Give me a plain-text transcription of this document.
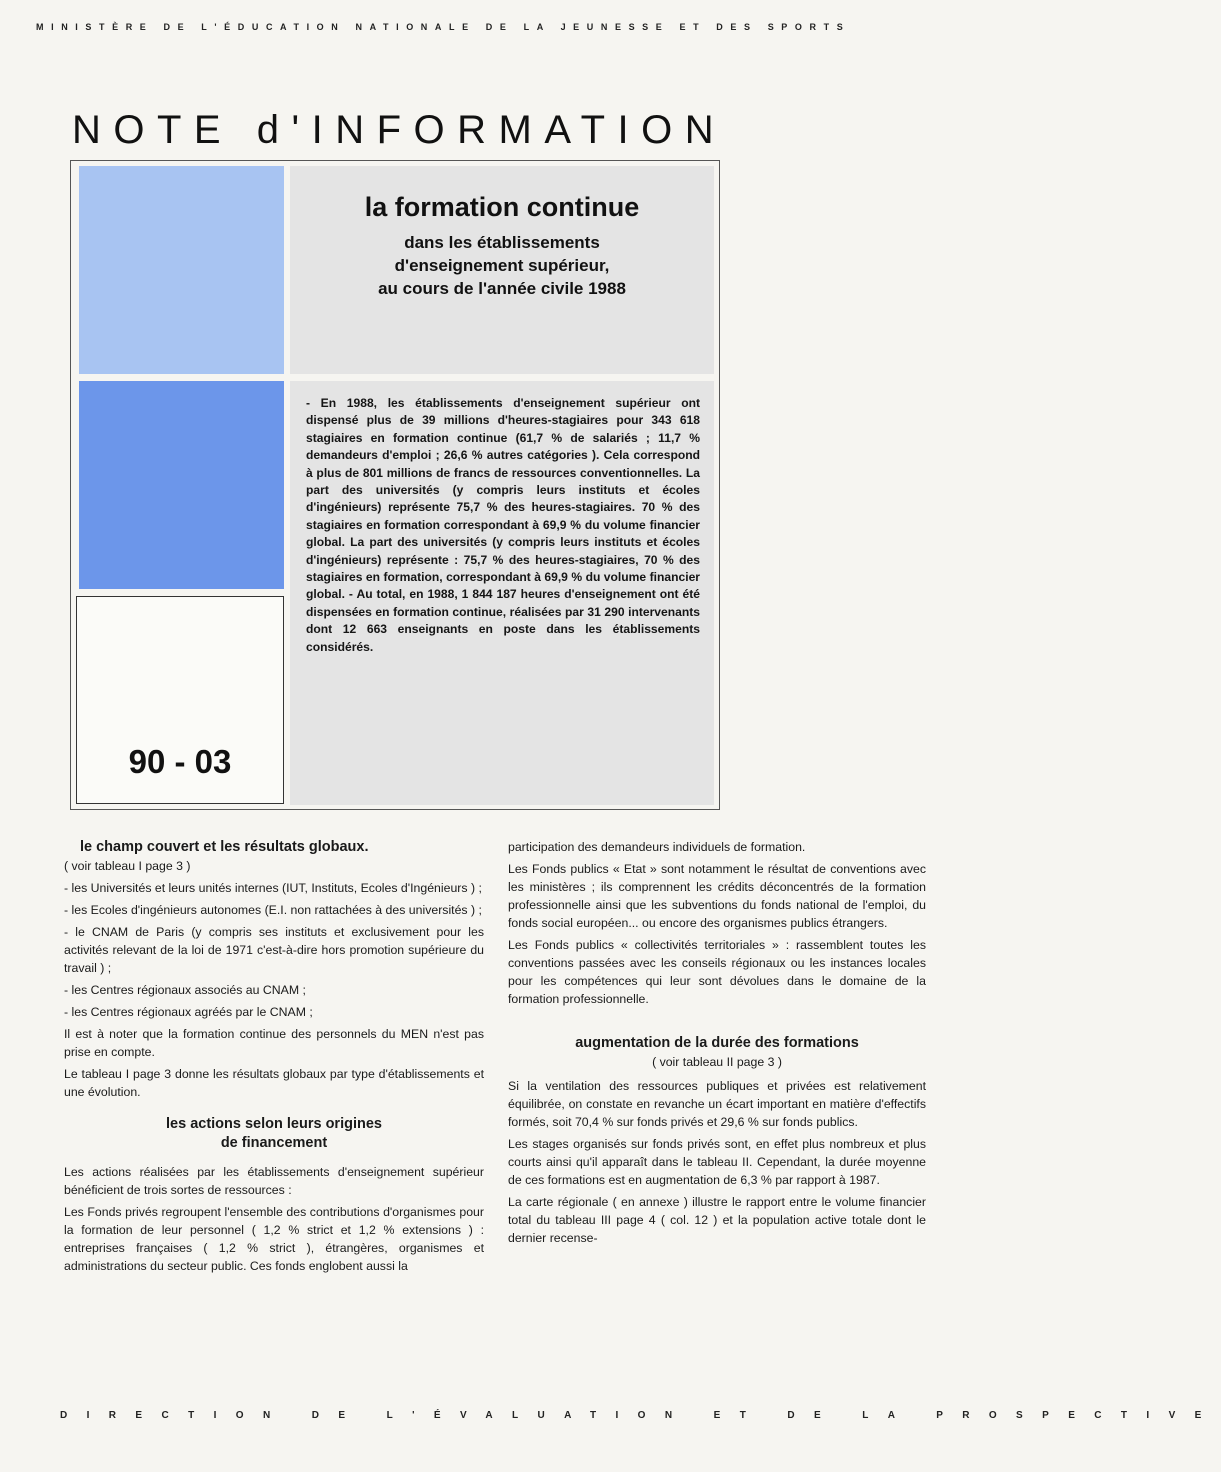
MINISTÈRE DE L'ÉDUCATION NATIONALE DE LA JEUNESSE ET DES SPORTS
NOTE d'INFORMATION
90 - 03
la formation continue
dans les établissements
d'enseignement supérieur,
au cours de l'année civile 1988

- En 1988, les établissements d'enseignement supérieur ont dispensé plus de 39 millions d'heures-stagiaires pour 343 618 stagiaires en formation continue (61,7 % de salariés ; 11,7 % demandeurs d'emploi ; 26,6 % autres catégories ). Cela correspond à plus de 801 millions de francs de ressources conventionnelles. La part des universités (y compris leurs instituts et écoles d'ingénieurs) représente 75,7 % des heures-stagiaires. 70 % des stagiaires en formation correspondant à 69,9 % du volume financier global. La part des universités (y compris leurs instituts et écoles d'ingénieurs) représente : 75,7 % des heures-stagiaires, 70 % des stagiaires en formation, correspondant à 69,9 % du volume financier global. - Au total, en 1988, 1 844 187 heures d'enseignement ont été dispensées en formation continue, réalisées par 31 290 intervenants dont 12 663 enseignants en poste dans les établissements considérés.

le champ couvert et les résultats globaux.

( voir tableau I page 3 )

- les Universités et leurs unités internes (IUT, Instituts, Ecoles d'Ingénieurs ) ;

- les Ecoles d'ingénieurs autonomes (E.I. non rattachées à des universités ) ;

- le CNAM de Paris (y compris ses instituts et exclusivement pour les activités relevant de la loi de 1971 c'est-à-dire hors promotion supérieure du travail ) ;

- les Centres régionaux associés au CNAM ;

- les Centres régionaux agréés par le CNAM ;

Il est à noter que la formation continue des personnels du MEN n'est pas prise en compte.

Le tableau I page 3 donne les résultats globaux par type d'établissements et une évolution.

les actions selon leurs origines
de financement

Les actions réalisées par les établissements d'enseignement supérieur bénéficient de trois sortes de ressources :

Les Fonds privés regroupent l'ensemble des contributions d'organismes pour la formation de leur personnel ( 1,2 % strict et 1,2 % extensions ) : entreprises françaises ( 1,2 % strict ), étrangères, organismes et administrations du secteur public. Ces fonds englobent aussi la

participation des demandeurs individuels de formation.

Les Fonds publics « Etat » sont notamment le résultat de conventions avec les ministères ; ils comprennent les crédits déconcentrés de la formation professionnelle ainsi que les subventions du fonds national de l'emploi, du fonds social européen... ou encore des organismes publics étrangers.

Les Fonds publics « collectivités territoriales » : rassemblent toutes les conventions passées avec les conseils régionaux ou les instances locales pour les compétences qui leur sont dévolues dans le domaine de la formation professionnelle.

augmentation de la durée des formations

( voir tableau II page 3 )

Si la ventilation des ressources publiques et privées est relativement équilibrée, on constate en revanche un écart important en matière d'effectifs formés, soit 70,4 % sur fonds privés et 29,6 % sur fonds publics.

Les stages organisés sur fonds privés sont, en effet plus nombreux et plus courts ainsi qu'il apparaît dans le tableau II. Cependant, la durée moyenne de ces formations est en augmentation de 6,3 % par rapport à 1987.

La carte régionale ( en annexe ) illustre le rapport entre le volume financier total du tableau III page 4 ( col. 12 ) et la population active totale dont le dernier recense-

DIRECTION DE L'ÉVALUATION ET DE LA PROSPECTIVE
